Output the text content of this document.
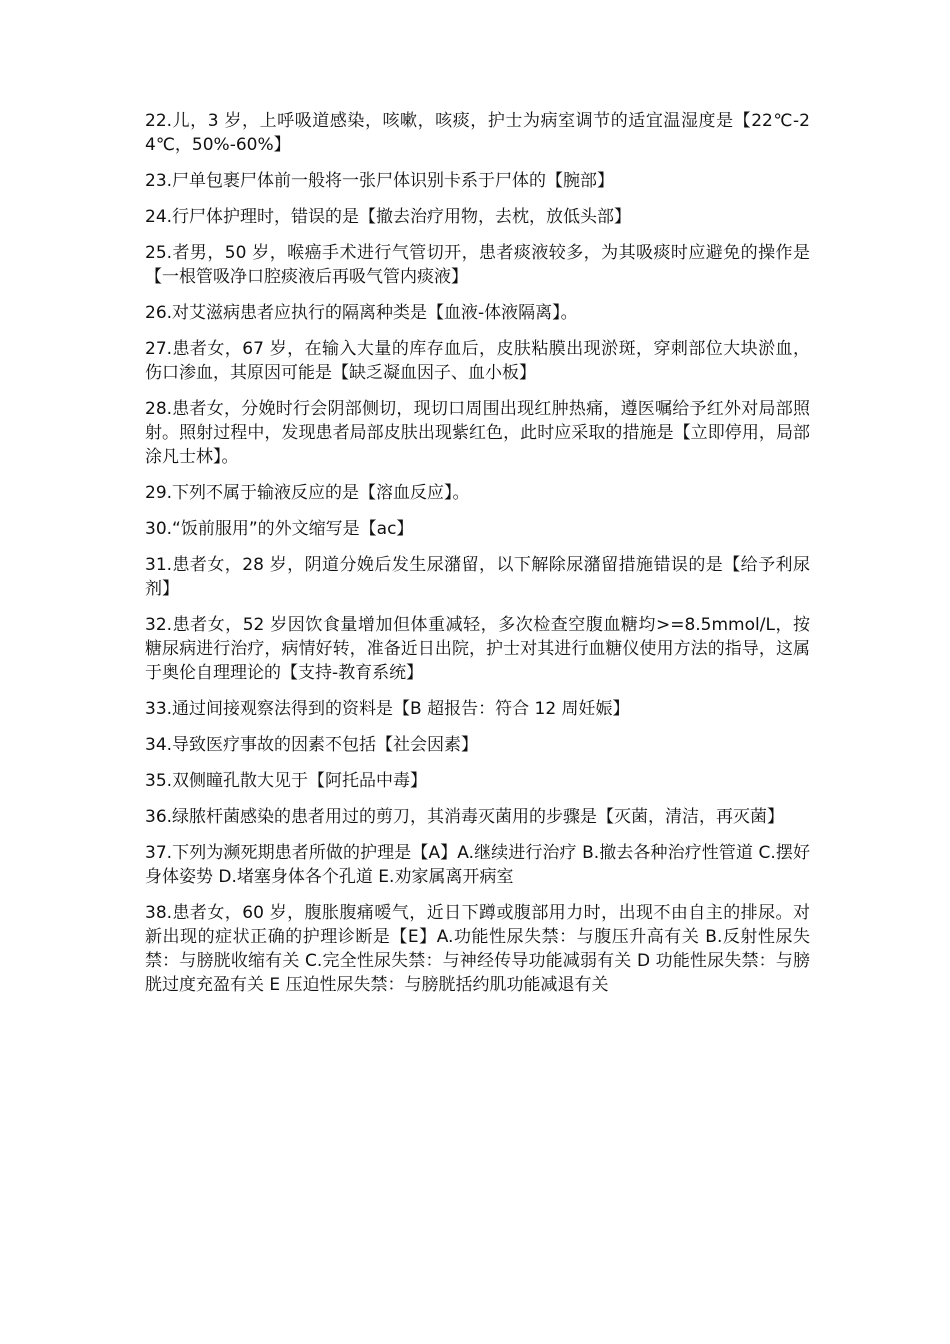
22.儿，3 岁，上呼吸道感染，咳嗽，咳痰，护士为病室调节的适宜温湿度是【22℃-24℃，50%-60%】

23.尸单包裹尸体前一般将一张尸体识别卡系于尸体的【腕部】

24.行尸体护理时，错误的是【撤去治疗用物，去枕，放低头部】

25.者男，50 岁，喉癌手术进行气管切开，患者痰液较多，为其吸痰时应避免的操作是【一根管吸净口腔痰液后再吸气管内痰液】

26.对艾滋病患者应执行的隔离种类是【血液-体液隔离】。

27.患者女，67 岁，在输入大量的库存血后，皮肤粘膜出现淤斑，穿刺部位大块淤血，伤口渗血，其原因可能是【缺乏凝血因子、血小板】

28.患者女，分娩时行会阴部侧切，现切口周围出现红肿热痛，遵医嘱给予红外对局部照射。照射过程中，发现患者局部皮肤出现紫红色，此时应采取的措施是【立即停用，局部涂凡士林】。

29.下列不属于输液反应的是【溶血反应】。

30.“饭前服用”的外文缩写是【ac】

31.患者女，28 岁，阴道分娩后发生尿潴留，以下解除尿潴留措施错误的是【给予利尿剂】

32.患者女，52 岁因饮食量增加但体重减轻，多次检查空腹血糖均>=8.5mmol/L，按糖尿病进行治疗，病情好转，准备近日出院，护士对其进行血糖仪使用方法的指导，这属于奥伦自理理论的【支持-教育系统】

33.通过间接观察法得到的资料是【B 超报告：符合 12 周妊娠】

34.导致医疗事故的因素不包括【社会因素】

35.双侧瞳孔散大见于【阿托品中毒】

36.绿脓杆菌感染的患者用过的剪刀，其消毒灭菌用的步骤是【灭菌，清洁，再灭菌】

37.下列为濒死期患者所做的护理是【A】A.继续进行治疗 B.撤去各种治疗性管道 C.摆好身体姿势 D.堵塞身体各个孔道 E.劝家属离开病室

38.患者女，60 岁，腹胀腹痛嗳气，近日下蹲或腹部用力时，出现不由自主的排尿。对新出现的症状正确的护理诊断是【E】A.功能性尿失禁：与腹压升高有关 B.反射性尿失禁：与膀胱收缩有关 C.完全性尿失禁：与神经传导功能减弱有关 D 功能性尿失禁：与膀胱过度充盈有关 E 压迫性尿失禁：与膀胱括约肌功能减退有关
